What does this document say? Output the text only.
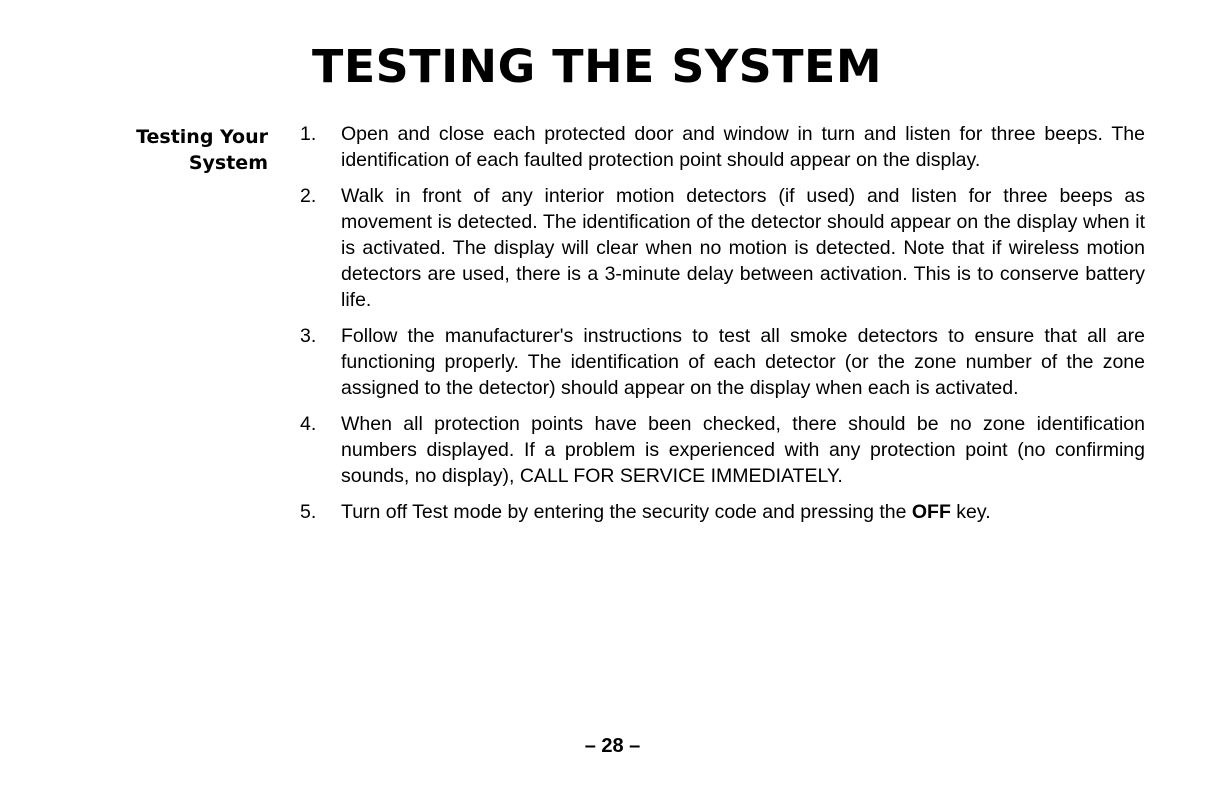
TESTING THE SYSTEM
Testing Your
System
1. Open and close each protected door and window in turn and listen for three beeps. The identification of each faulted protection point should appear on the display.
2. Walk in front of any interior motion detectors (if used) and listen for three beeps as movement is detected. The identification of the detector should appear on the display when it is activated. The display will clear when no motion is detected. Note that if wireless motion detectors are used, there is a 3-minute delay between activation. This is to conserve battery life.
3. Follow the manufacturer's instructions to test all smoke detectors to ensure that all are functioning properly. The identification of each detector (or the zone number of the zone assigned to the detector) should appear on the display when each is activated.
4. When all protection points have been checked, there should be no zone identification numbers displayed. If a problem is experienced with any protection point (no confirming sounds, no display), CALL FOR SERVICE IMMEDIATELY.
5. Turn off Test mode by entering the security code and pressing the OFF key.
– 28 –
